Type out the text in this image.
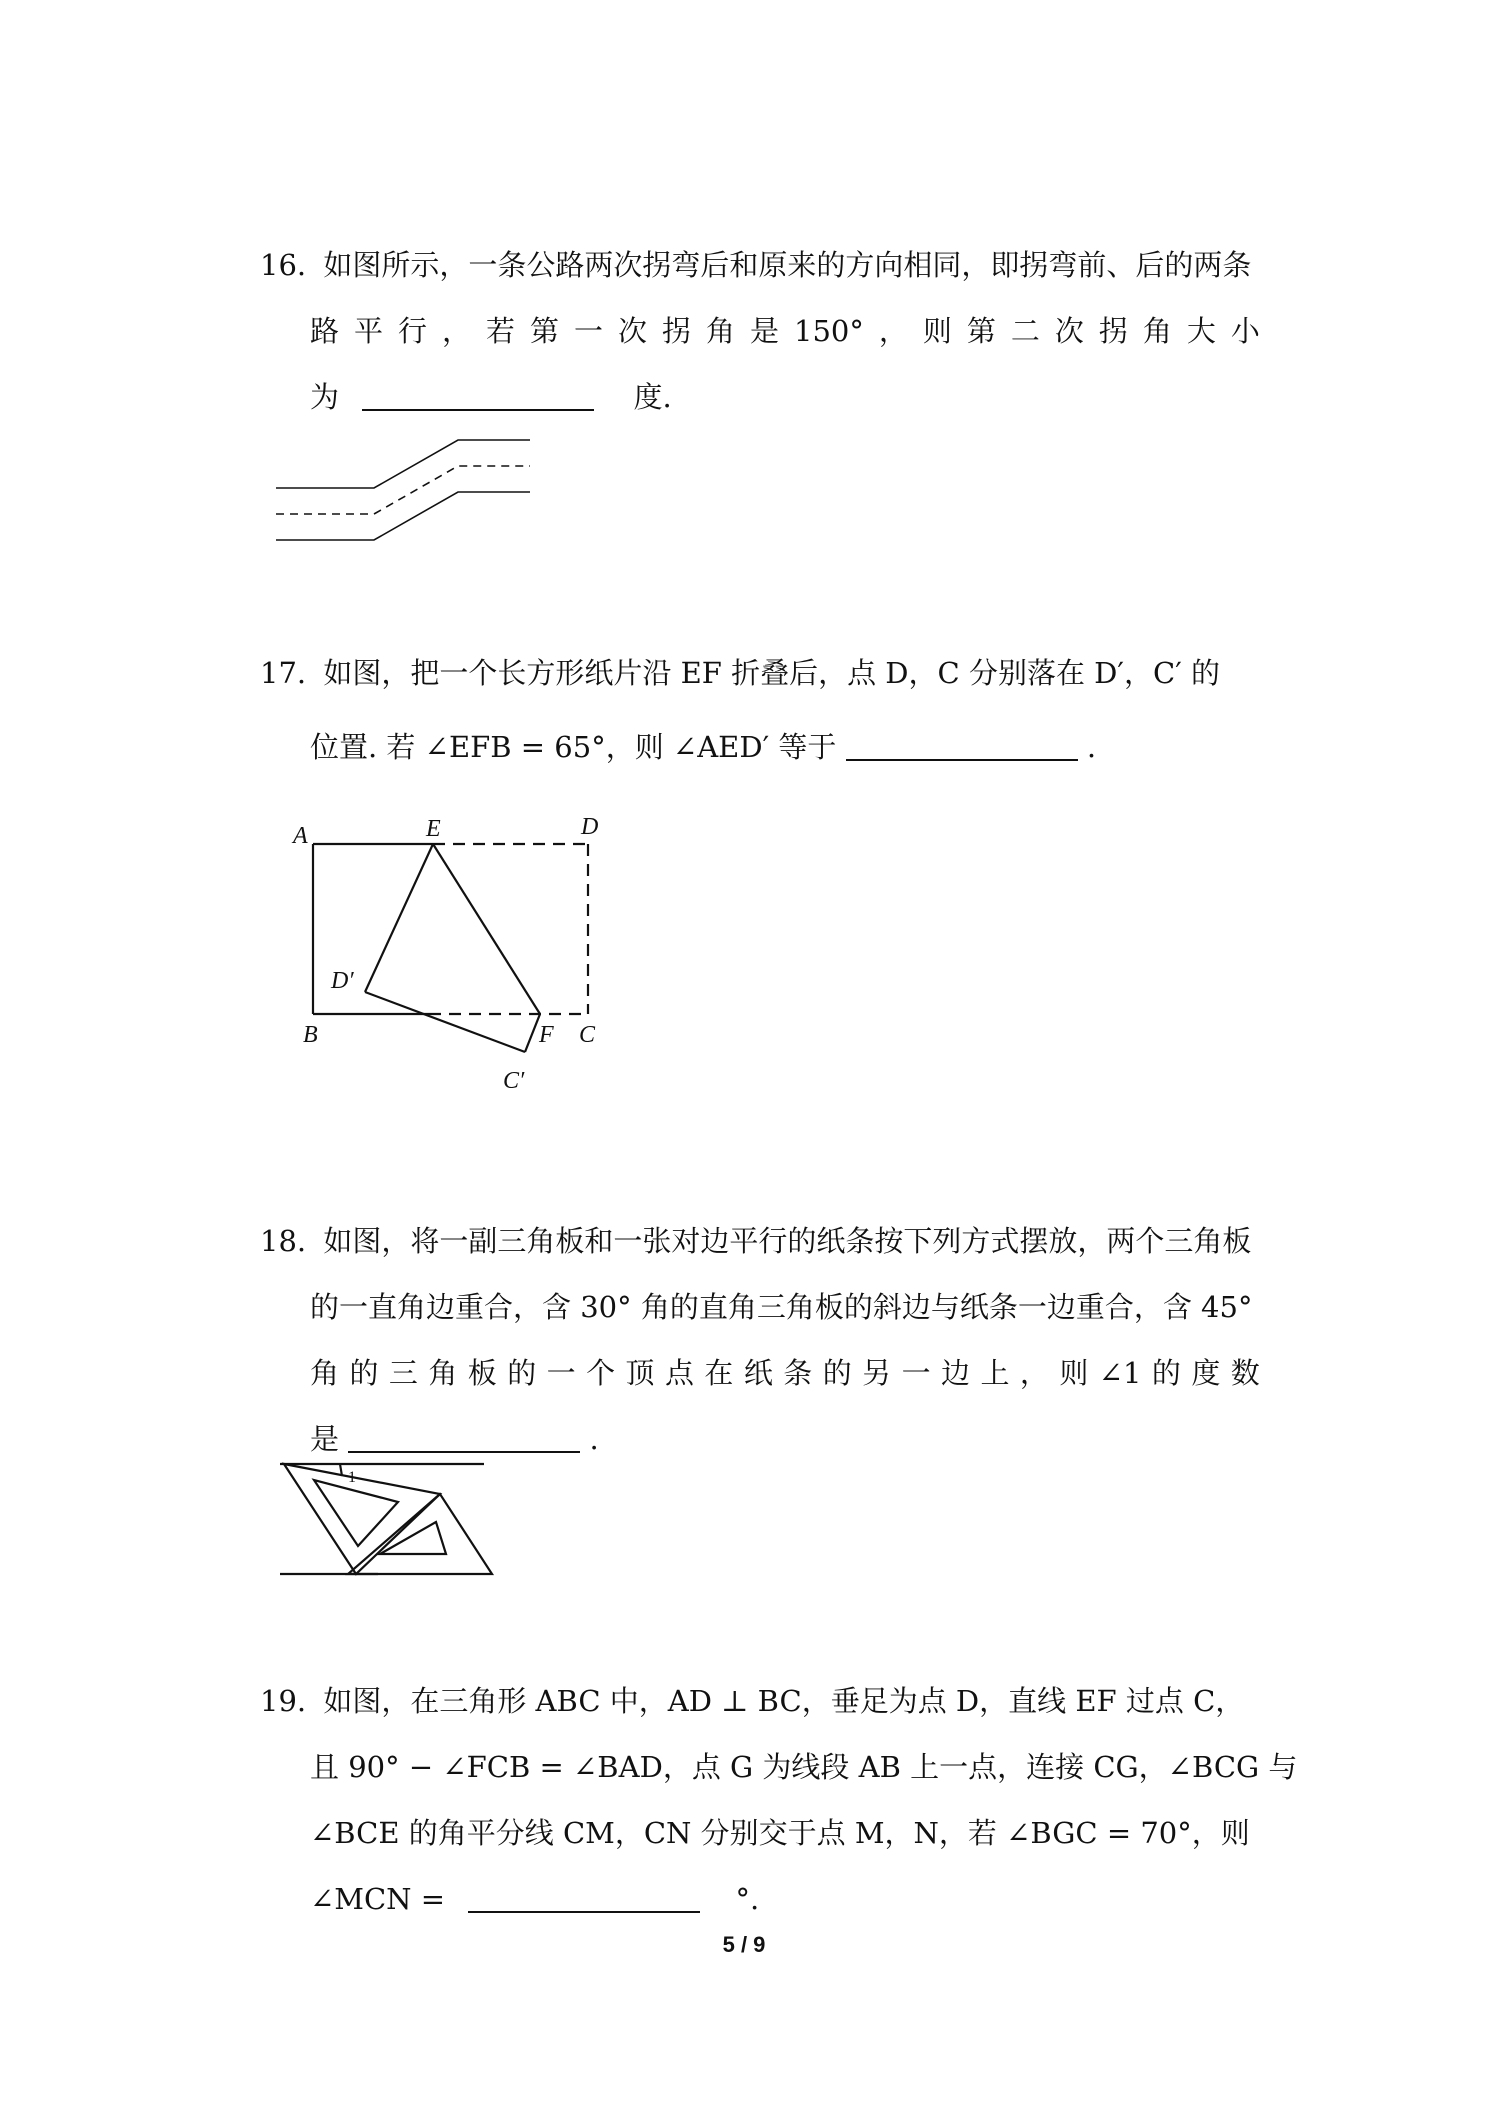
16. 如图所示，一条公路两次拐弯后和原来的方向相同，即拐弯前、后的两条
路 平 行 ， 若 第 一 次 拐 角 是 150° ， 则 第 二 次 拐 角 大 小
为	度.
17. 如图，把一个长方形纸片沿 EF 折叠后，点 D，C 分别落在 D′，C′ 的
位置. 若 ∠EFB = 65°，则 ∠AED′ 等于	.
A	E	D
D′
B	F C
C′
18. 如图，将一副三角板和一张对边平行的纸条按下列方式摆放，两个三角板
的一直角边重合，含 30° 角的直角三角板的斜边与纸条一边重合，含 45°
角 的 三 角 板 的 一 个 顶 点 在 纸 条 的 另 一 边 上 ， 则 ∠1 的 度 数
是	.
1
19. 如图，在三角形 ABC 中，AD ⊥ BC，垂足为点 D，直线 EF 过点 C，
且 90° − ∠FCB = ∠BAD，点 G 为线段 AB 上一点，连接 CG，∠BCG 与
∠BCE 的角平分线 CM，CN 分别交于点 M，N，若 ∠BGC = 70°，则
∠MCN =	°.
5 / 9
